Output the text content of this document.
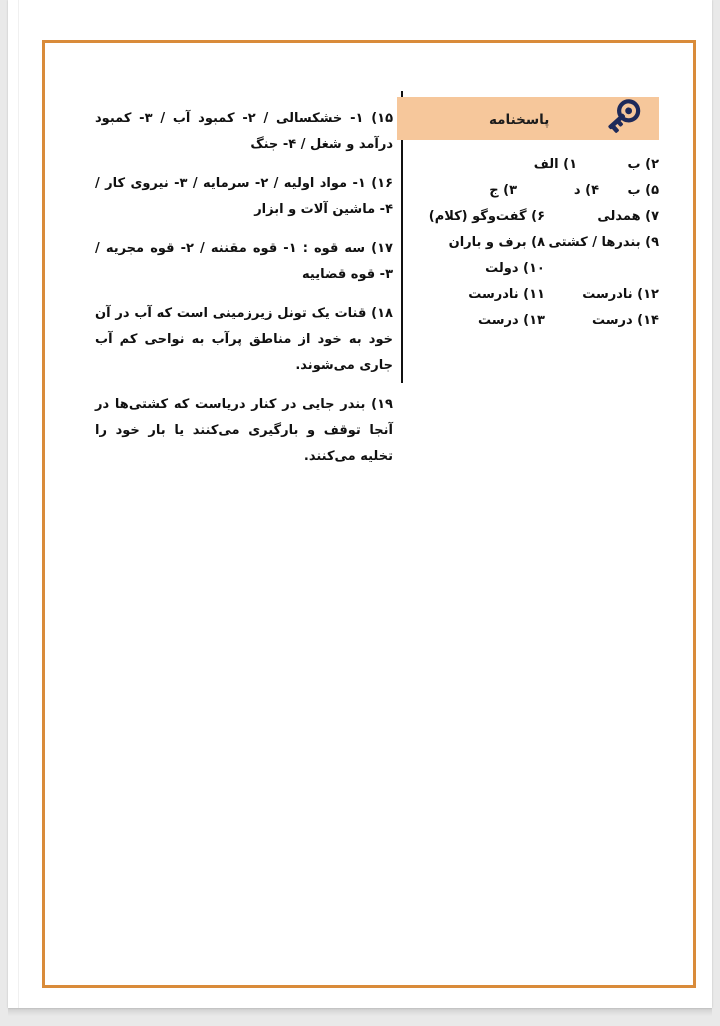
پاسخنامه
۲) ب
۱) الف
۵) ب
۴) د
۳) ج
۷) همدلی
۶) گفت‌وگو (کلام)
۹) بندرها / کشتی
۸) برف و باران
۱۰) دولت
۱۲) نادرست
۱۱) نادرست
۱۴) درست
۱۳) درست

۱۵) ۱- خشکسالی / ۲- کمبود آب / ۳- کمبود درآمد و شغل / ۴- جنگ

۱۶) ۱- مواد اولیه / ۲- سرمایه / ۳- نیروی کار / ۴- ماشین آلات و ابزار

۱۷) سه قوه : ۱- قوه مقننه / ۲- قوه مجریه / ۳- قوه قضاییه

۱۸) قنات یک تونل زیرزمینی است که آب در آن خود به خود از مناطق پرآب به نواحی کم آب جاری می‌شوند.

۱۹) بندر جایی در کنار دریاست که کشتی‌ها در آنجا توقف و بارگیری می‌کنند یا بار خود را تخلیه می‌کنند.
